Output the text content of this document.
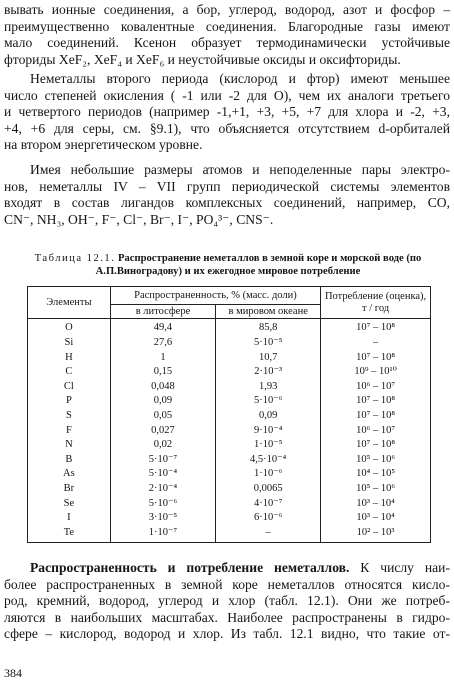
вывать ионные соединения, а бор, углерод, водород, азот и фосфор –
преимущественно ковалентные соединения. Благородные газы имеют
мало соединений. Ксенон образует термодинамически устойчивые
фториды XeF₂, XeF₄ и XeF₆ и неустойчивые оксиды и оксифториды.

Неметаллы второго периода (кислород и фтор) имеют меньшее
число степеней окисления ( -1 или -2 для O), чем их аналоги третьего
и четвертого периодов (например -1,+1, +3, +5, +7 для хлора и -2, +3,
+4, +6 для серы, см. §9.1), что объясняется отсутствием d-орбиталей
на втором энергетическом уровне.

Имея небольшие размеры атомов и неподеленные пары электро-
нов, неметаллы IV – VII групп периодической системы элементов
входят в состав лигандов комплексных соединений, например, CO,
CN⁻, NH₃, OH⁻, F⁻, Cl⁻, Br⁻, I⁻, PO₄³⁻, CNS⁻.

Таблица 12.1. Распространение неметаллов в земной коре и морской воде (по
А.П.Виноградову) и их ежегодное мировое потребление

Элементы	Распространенность, % (масс. доли)		Потребление (оценка),
т / год
	в литосфере	в мировом океане	
O	49,4	85,8	10⁷ – 10⁸
Si	27,6	5·10⁻⁵	–
H	1	10,7	10⁷ – 10⁸
C	0,15	2·10⁻³	10⁹ – 10¹⁰
Cl	0,048	1,93	10⁶ – 10⁷
P	0,09	5·10⁻⁶	10⁷ – 10⁸
S	0,05	0,09	10⁷ – 10⁸
F	0,027	9·10⁻⁴	10⁶ – 10⁷
N	0,02	1·10⁻⁵	10⁷ – 10⁸
B	5·10⁻⁷	4,5·10⁻⁴	10⁵ – 10⁶
As	5·10⁻⁴	1·10⁻⁶	10⁴ – 10⁵
Br	2·10⁻⁴	0,0065	10⁵ – 10⁶
Se	5·10⁻⁶	4·10⁻⁷	10³ – 10⁴
I	3·10⁻⁵	6·10⁻⁶	10³ – 10⁴
Te	1·10⁻⁷	–	10² – 10³

Распространенность и потребление неметаллов. К числу наи-
более распространенных в земной коре неметаллов относятся кисло-
род, кремний, водород, углерод и хлор (табл. 12.1). Они же потреб-
ляются в наибольших масштабах. Наиболее распространены в гидро-
сфере – кислород, водород и хлор. Из табл. 12.1 видно, что такие от-

384
